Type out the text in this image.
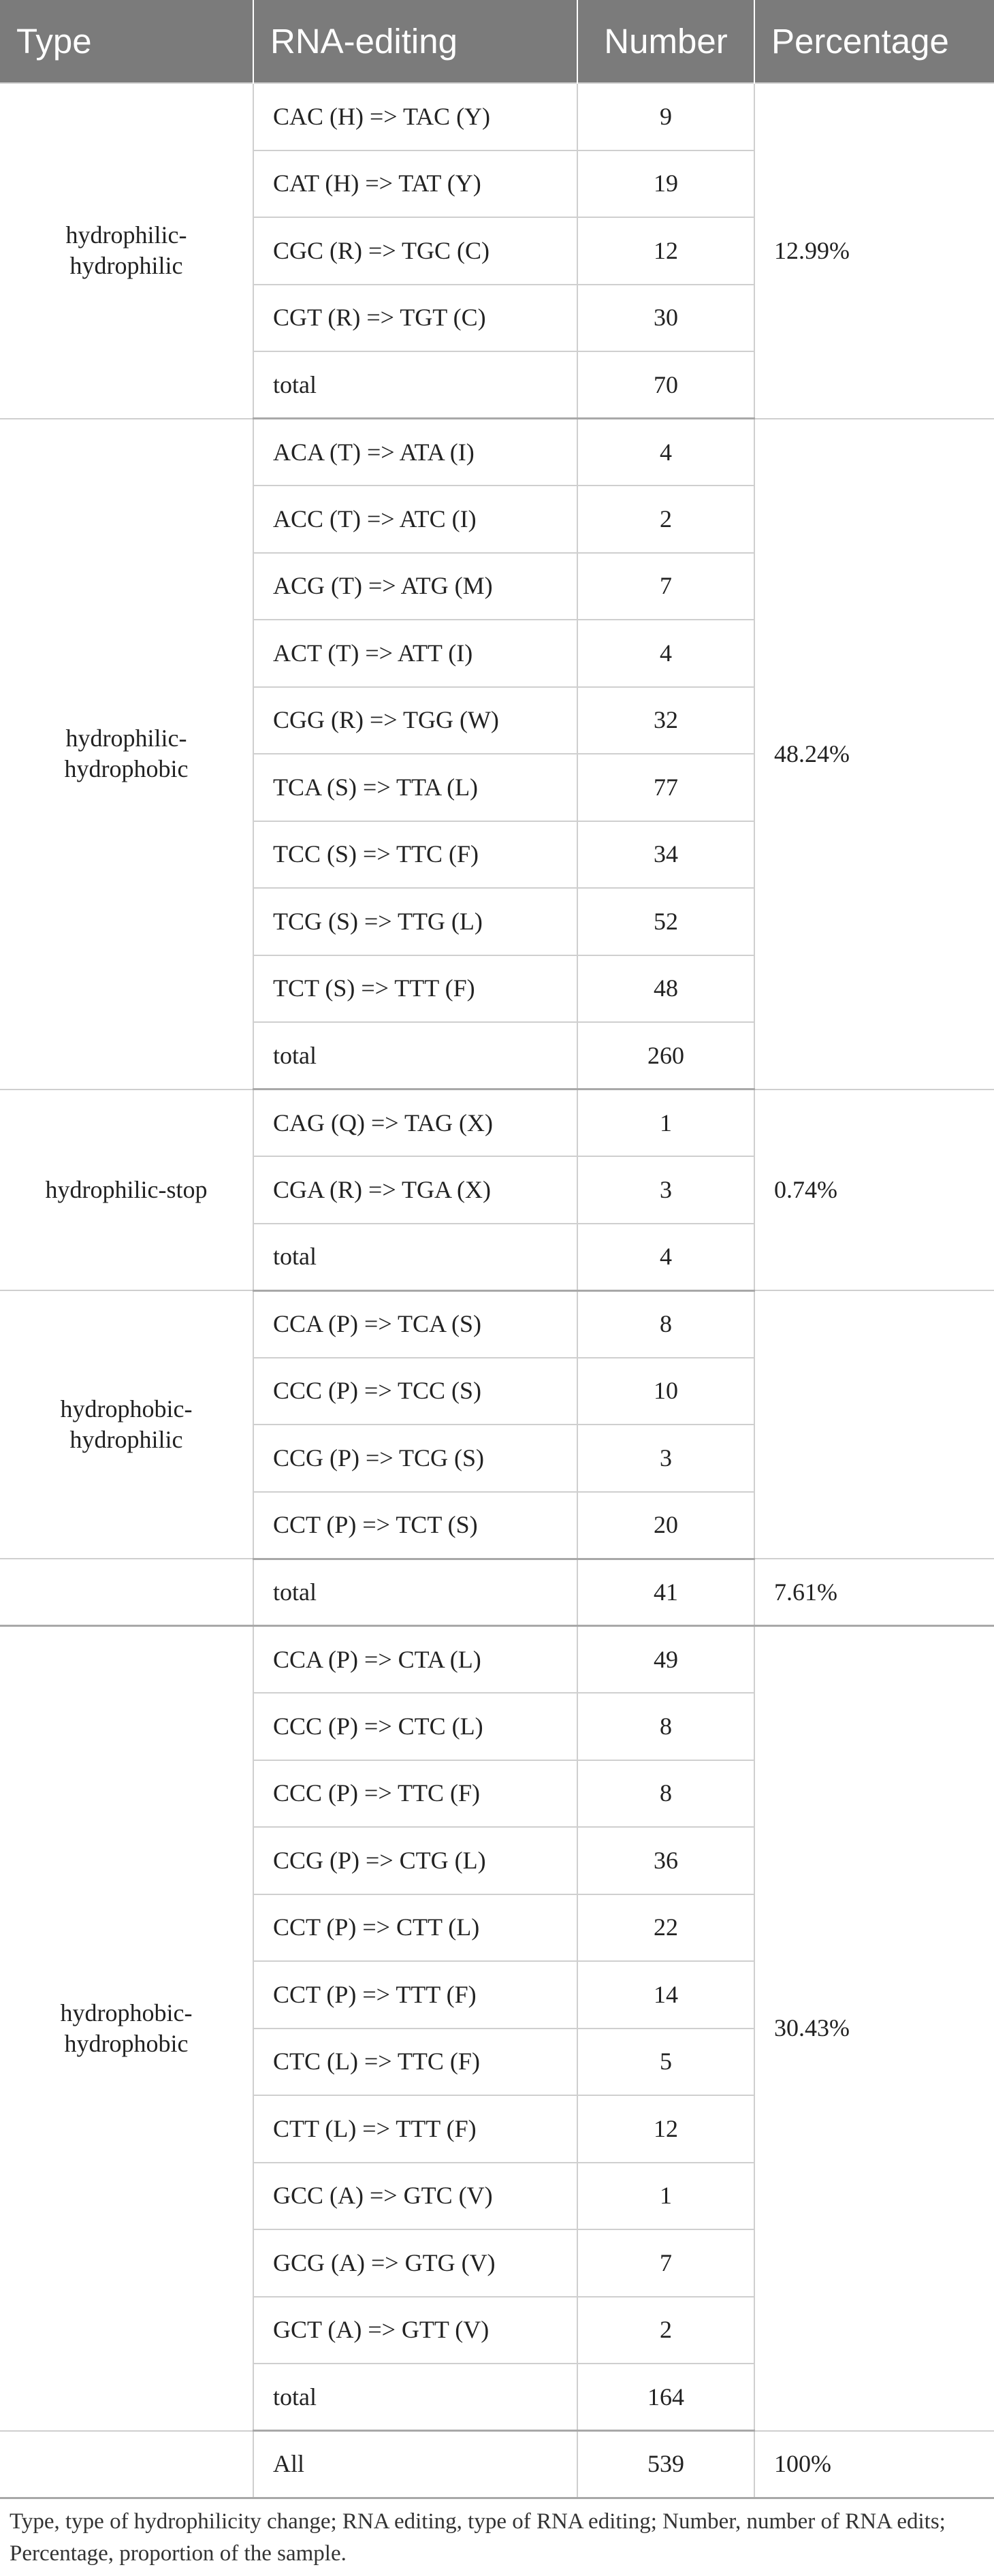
Type	RNA-editing	Number	Percentage
hydrophilic-
hydrophilic	CAC (H) => TAC (Y)	9	12.99%
	CAT (H) => TAT (Y)	19	
	CGC (R) => TGC (C)	12	
	CGT (R) => TGT (C)	30	
	total	70	
hydrophilic-
hydrophobic	ACA (T) => ATA (I)	4	48.24%
	ACC (T) => ATC (I)	2	
	ACG (T) => ATG (M)	7	
	ACT (T) => ATT (I)	4	
	CGG (R) => TGG (W)	32	
	TCA (S) => TTA (L)	77	
	TCC (S) => TTC (F)	34	
	TCG (S) => TTG (L)	52	
	TCT (S) => TTT (F)	48	
	total	260	
hydrophilic-stop	CAG (Q) => TAG (X)	1	0.74%
	CGA (R) => TGA (X)	3	
	total	4	
hydrophobic-
hydrophilic	CCA (P) => TCA (S)	8	
	CCC (P) => TCC (S)	10	
	CCG (P) => TCG (S)	3	
	CCT (P) => TCT (S)	20	
	total	41	7.61%
hydrophobic-
hydrophobic	CCA (P) => CTA (L)	49	30.43%
	CCC (P) => CTC (L)	8	
	CCC (P) => TTC (F)	8	
	CCG (P) => CTG (L)	36	
	CCT (P) => CTT (L)	22	
	CCT (P) => TTT (F)	14	
	CTC (L) => TTC (F)	5	
	CTT (L) => TTT (F)	12	
	GCC (A) => GTC (V)	1	
	GCG (A) => GTG (V)	7	
	GCT (A) => GTT (V)	2	
	total	164	
	All	539	100%
Type, type of hydrophilicity change; RNA editing, type of RNA editing; Number, number of RNA edits; Percentage, proportion of the sample.
